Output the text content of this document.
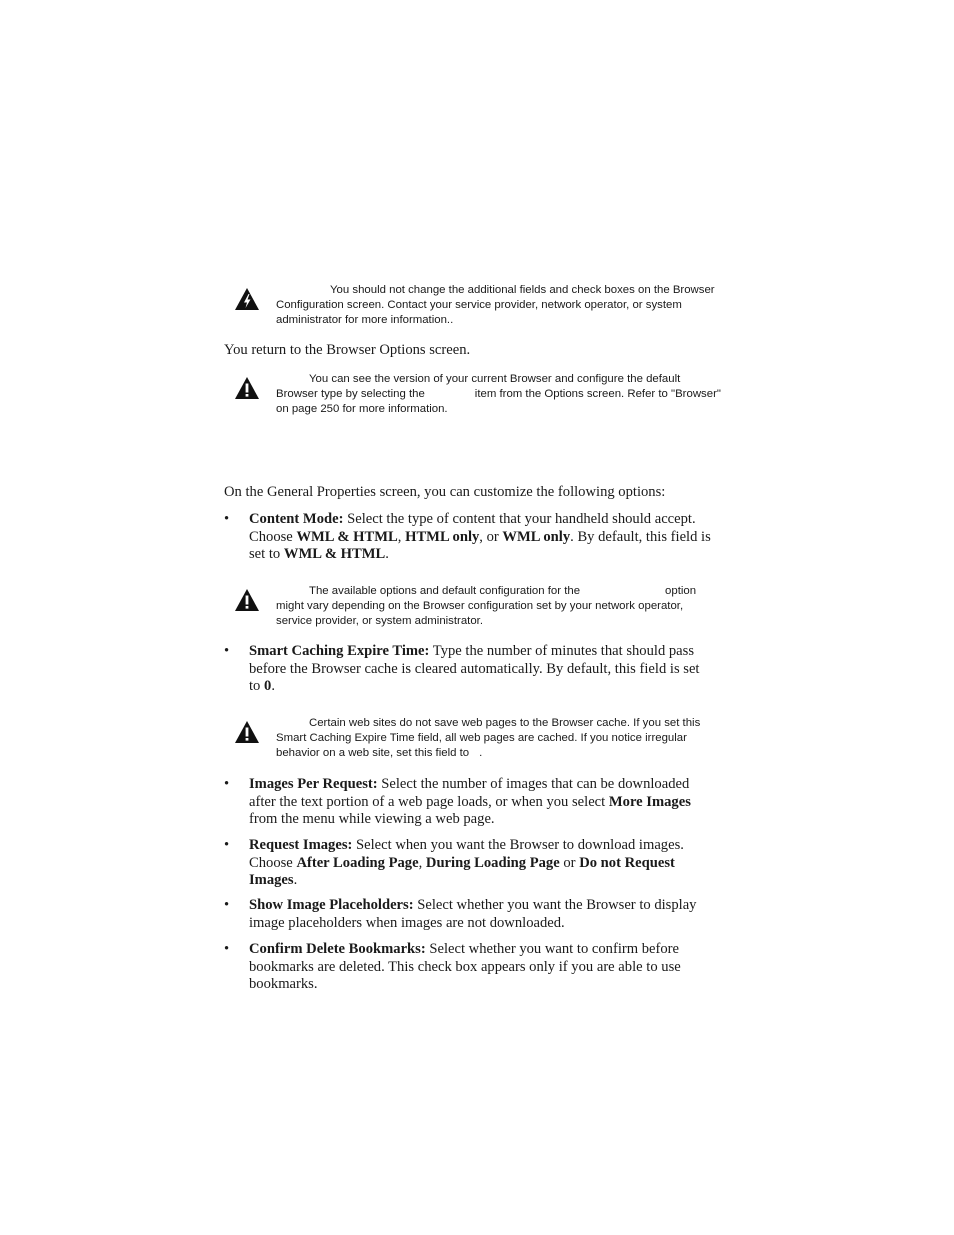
You should not change the additional fields and check boxes on the Browser
Configuration screen. Contact your service provider, network operator, or system
administrator for more information..
You return to the Browser Options screen.
You can see the version of your current Browser and configure the default
Browser type by selecting the	item from the Options screen. Refer to "Browser"
on page 250 for more information.
On the General Properties screen, you can customize the following options:
• Content Mode: Select the type of content that your handheld should accept.
Choose WML & HTML, HTML only, or WML only. By default, this field is
set to WML & HTML.
The available options and default configuration for the	option
might vary depending on the Browser configuration set by your network operator,
service provider, or system administrator.
• Smart Caching Expire Time: Type the number of minutes that should pass
before the Browser cache is cleared automatically. By default, this field is set
to 0.
Certain web sites do not save web pages to the Browser cache. If you set this
Smart Caching Expire Time field, all web pages are cached. If you notice irregular
behavior on a web site, set this field to .
• Images Per Request: Select the number of images that can be downloaded
after the text portion of a web page loads, or when you select More Images
from the menu while viewing a web page.
• Request Images: Select when you want the Browser to download images.
Choose After Loading Page, During Loading Page or Do not Request
Images.
• Show Image Placeholders: Select whether you want the Browser to display
image placeholders when images are not downloaded.
• Confirm Delete Bookmarks: Select whether you want to confirm before
bookmarks are deleted. This check box appears only if you are able to use
bookmarks.
